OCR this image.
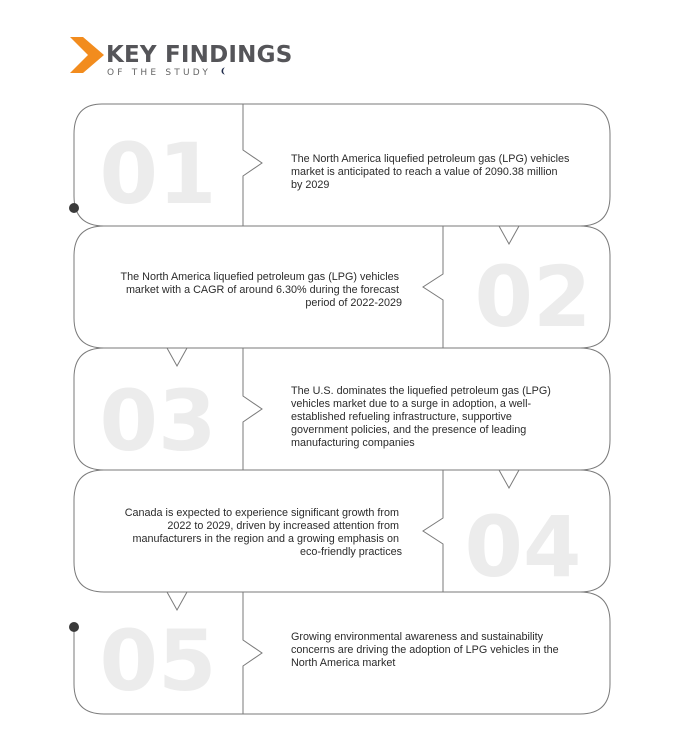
KEY FINDINGS
OF THE STUDY
01
02
03
04
05
The North America liquefied petroleum gas (LPG) vehicles market is anticipated to reach a value of 2090.38 million by 2029
The North America liquefied petroleum gas (LPG) vehicles market with a CAGR of around 6.30% during the forecast period of 2022-2029
The U.S. dominates the liquefied petroleum gas (LPG) vehicles market due to a surge in adoption, a well- established refueling infrastructure, supportive government policies, and the presence of leading manufacturing companies
Canada is expected to experience significant growth from 2022 to 2029, driven by increased attention from manufacturers in the region and a growing emphasis on eco-friendly practices
Growing environmental awareness and sustainability concerns are driving the adoption of LPG vehicles in the North America market
